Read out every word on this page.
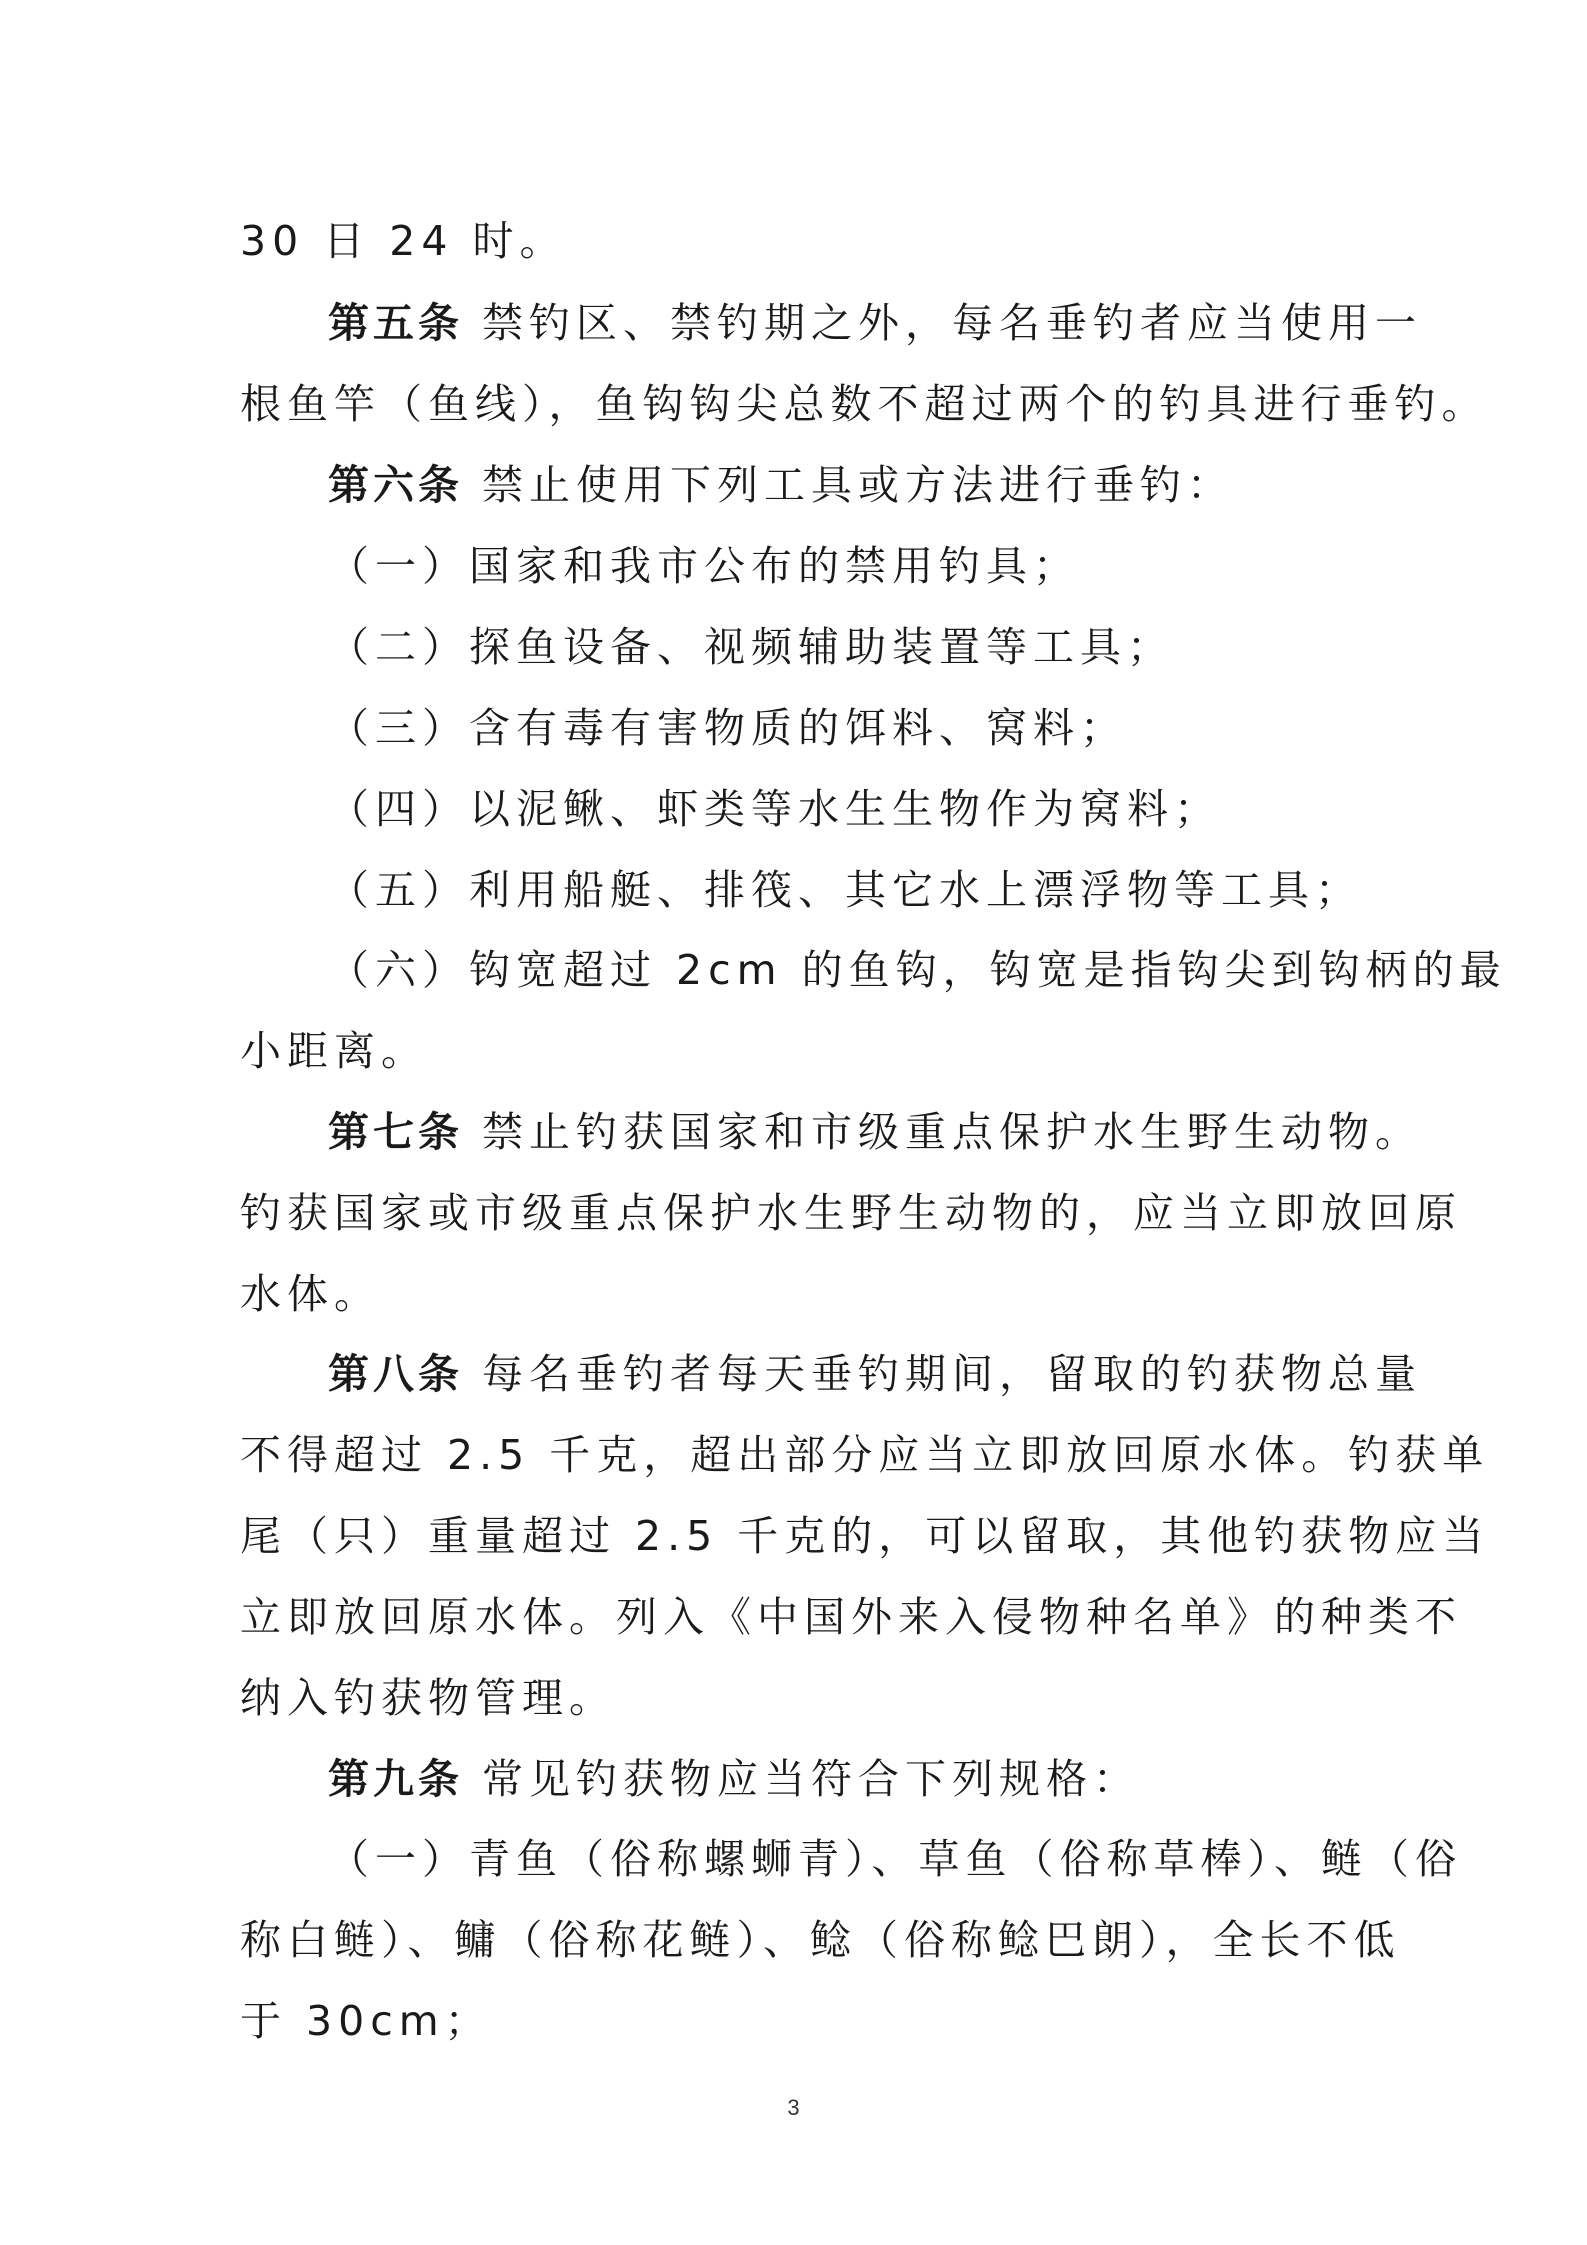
30 日 24 时。
第五条 禁钓区、禁钓期之外，每名垂钓者应当使用一
根鱼竿（鱼线），鱼钩钩尖总数不超过两个的钓具进行垂钓。
第六条 禁止使用下列工具或方法进行垂钓：
（一）国家和我市公布的禁用钓具；
（二）探鱼设备、视频辅助装置等工具；
（三）含有毒有害物质的饵料、窝料；
（四）以泥鳅、虾类等水生生物作为窝料；
（五）利用船艇、排筏、其它水上漂浮物等工具；
（六）钩宽超过 2cm 的鱼钩，钩宽是指钩尖到钩柄的最
小距离。
第七条 禁止钓获国家和市级重点保护水生野生动物。
钓获国家或市级重点保护水生野生动物的，应当立即放回原
水体。
第八条 每名垂钓者每天垂钓期间，留取的钓获物总量
不得超过 2.5 千克，超出部分应当立即放回原水体。钓获单
尾（只）重量超过 2.5 千克的，可以留取，其他钓获物应当
立即放回原水体。列入《中国外来入侵物种名单》的种类不
纳入钓获物管理。
第九条 常见钓获物应当符合下列规格：
（一）青鱼（俗称螺蛳青）、草鱼（俗称草棒）、鲢（俗
称白鲢）、鳙（俗称花鲢）、鲶（俗称鲶巴朗），全长不低
于 30cm；
3
